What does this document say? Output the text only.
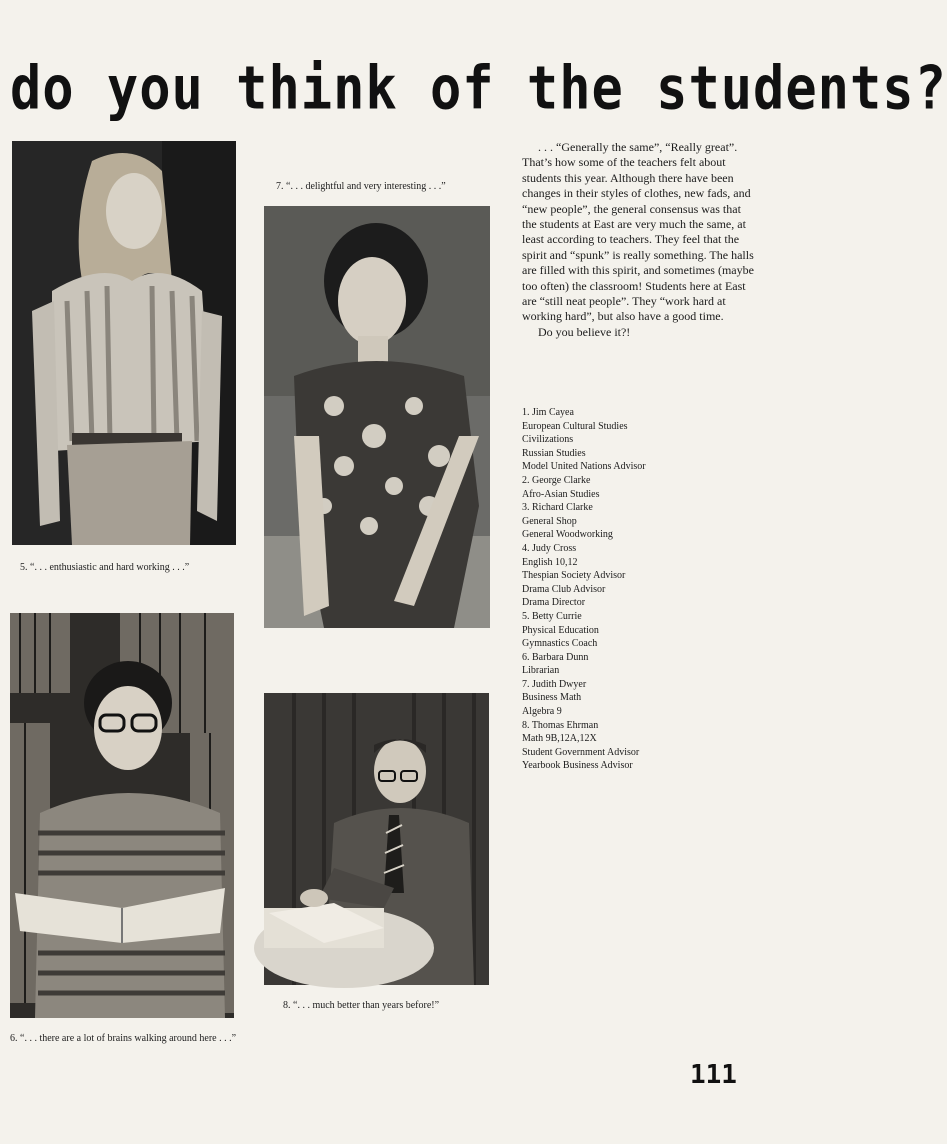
do you think of the students?
5. “. . . enthusiastic and hard working . . .”
7. “. . . delightful and very interesting . . .”
6. “. . . there are a lot of brains walking around here . . .”
8. “. . . much better than years before!”

. . . “Generally the same”, “Really great”. That’s how some of the teachers felt about students this year. Although there have been changes in their styles of clothes, new fads, and “new people”, the general consensus was that the students at East are very much the same, at least according to teachers. They feel that the spirit and “spunk” is really something. The halls are filled with this spirit, and sometimes (maybe too often) the classroom! Students here at East are “still neat people”. They “work hard at working hard”, but also have a good time.

Do you believe it?!

1. Jim Cayea
European Cultural Studies
Civilizations
Russian Studies
Model United Nations Advisor
2. George Clarke
Afro-Asian Studies
3. Richard Clarke
General Shop
General Woodworking
4. Judy Cross
English 10,12
Thespian Society Advisor
Drama Club Advisor
Drama Director
5. Betty Currie
Physical Education
Gymnastics Coach
6. Barbara Dunn
Librarian
7. Judith Dwyer
Business Math
Algebra 9
8. Thomas Ehrman
Math 9B,12A,12X
Student Government Advisor
Yearbook Business Advisor
111
